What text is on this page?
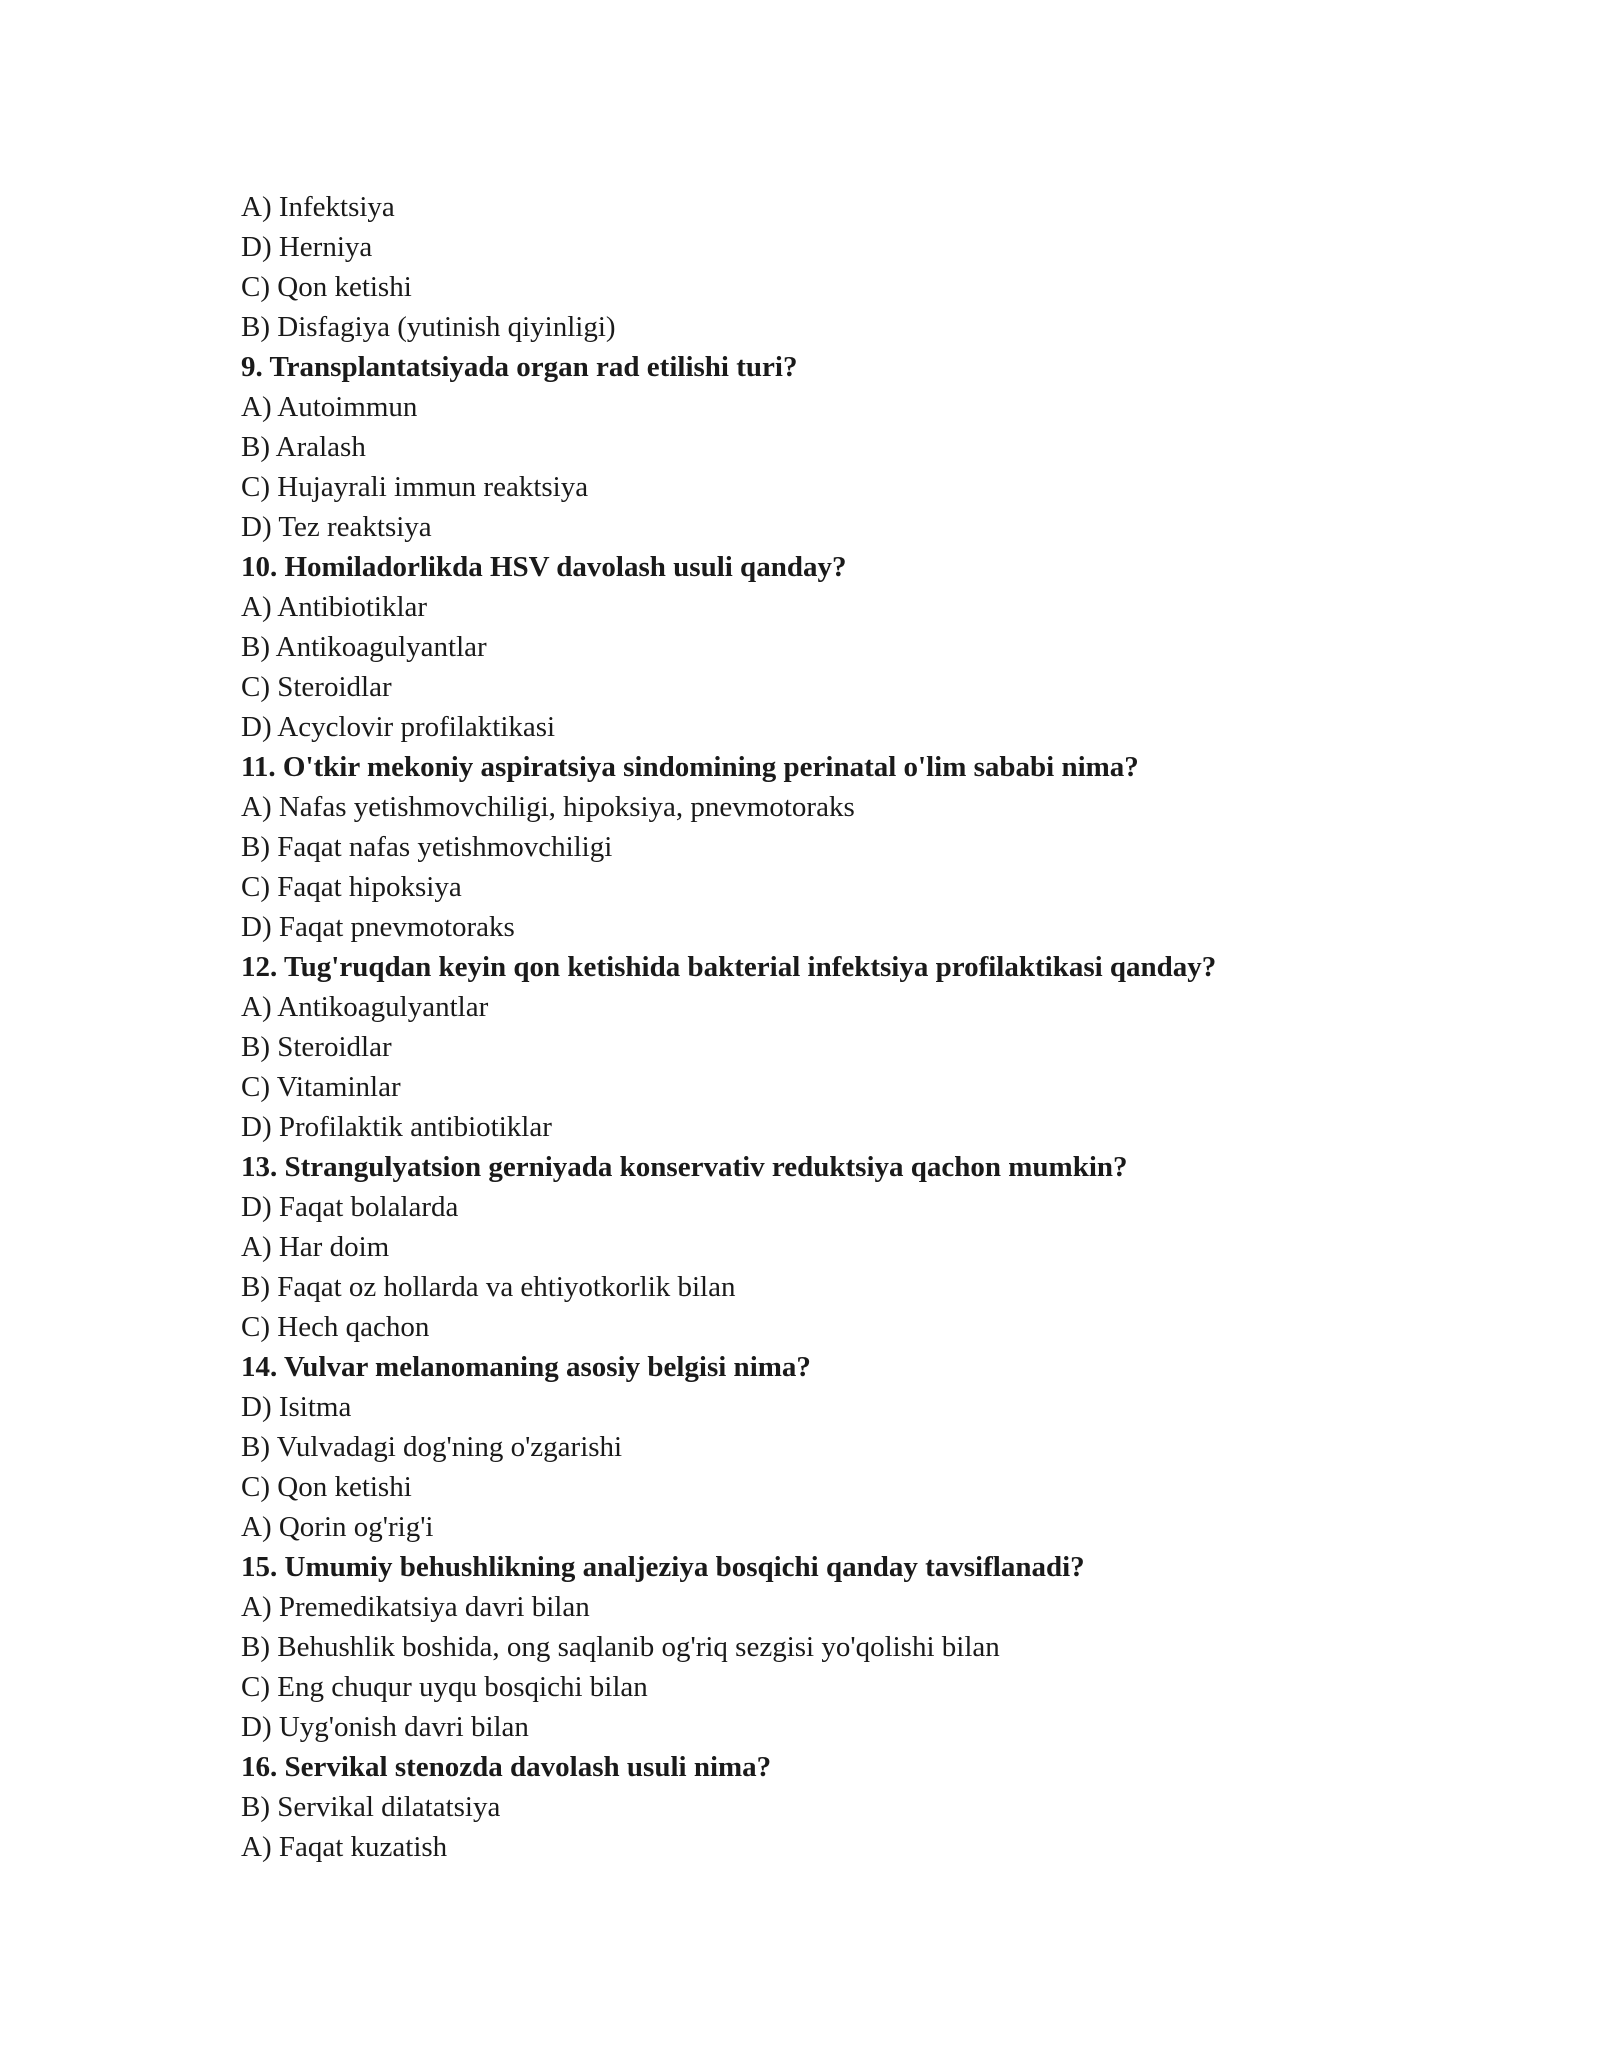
A) Infektsiya
D) Herniya
C) Qon ketishi
B) Disfagiya (yutinish qiyinligi)
9. Transplantatsiyada organ rad etilishi turi?
A) Autoimmun
B) Aralash
C) Hujayrali immun reaktsiya
D) Tez reaktsiya
10. Homiladorlikda HSV davolash usuli qanday?
A) Antibiotiklar
B) Antikoagulyantlar
C) Steroidlar
D) Acyclovir profilaktikasi
11. O'tkir mekoniy aspiratsiya sindomining perinatal o'lim sababi nima?
A) Nafas yetishmovchiligi, hipoksiya, pnevmotoraks
B) Faqat nafas yetishmovchiligi
C) Faqat hipoksiya
D) Faqat pnevmotoraks
12. Tug'ruqdan keyin qon ketishida bakterial infektsiya profilaktikasi qanday?
A) Antikoagulyantlar
B) Steroidlar
C) Vitaminlar
D) Profilaktik antibiotiklar
13. Strangulyatsion gerniyada konservativ reduktsiya qachon mumkin?
D) Faqat bolalarda
A) Har doim
B) Faqat oz hollarda va ehtiyotkorlik bilan
C) Hech qachon
14. Vulvar melanomaning asosiy belgisi nima?
D) Isitma
B) Vulvadagi dog'ning o'zgarishi
C) Qon ketishi
A) Qorin og'rig'i
15. Umumiy behushlikning analjeziya bosqichi qanday tavsiflanadi?
A) Premedikatsiya davri bilan
B) Behushlik boshida, ong saqlanib og'riq sezgisi yo'qolishi bilan
C) Eng chuqur uyqu bosqichi bilan
D) Uyg'onish davri bilan
16. Servikal stenozda davolash usuli nima?
B) Servikal dilatatsiya
A) Faqat kuzatish
